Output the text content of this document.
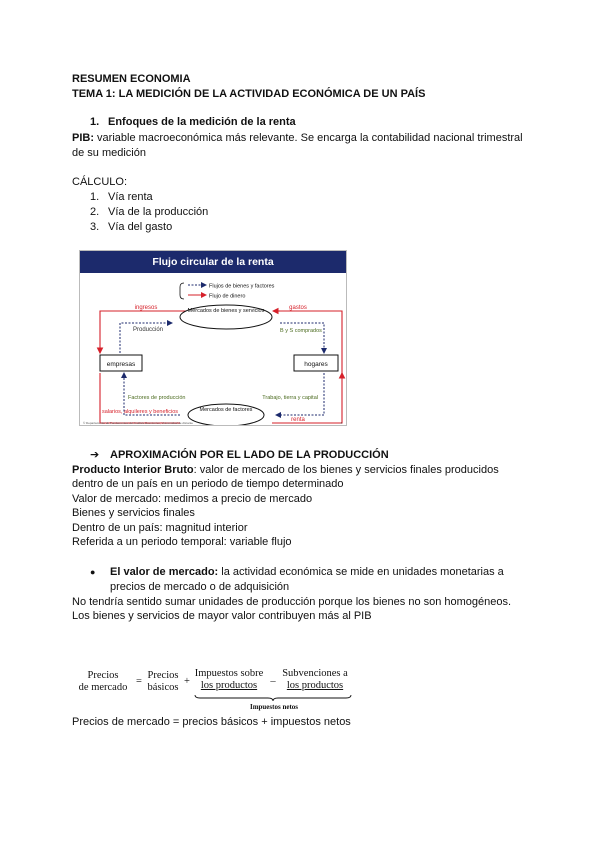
RESUMEN ECONOMIA
TEMA 1: LA MEDICIÓN DE LA ACTIVIDAD ECONÓMICA DE UN PAÍS
1. Enfoques de la medición de la renta
PIB: variable macroeconómica más relevante. Se encarga la contabilidad nacional trimestral
de su medición
CÁLCULO:
1. Vía renta
2. Vía de la producción
3. Vía del gasto
Flujo circular de la renta
Flujos de bienes y factores
Flujo de dinero
ingresos	gastos
Producción	B y S comprados
Mercados de bienes y servicios
empresas	hogares
Factores de producción	Trabajo, tierra y capital
salarios, alquileres y beneficios
renta
Mercados de factores
© Departamento de Fundamentos del Análisis Económico, Universidad de Alicante	4
➔ APROXIMACIÓN POR EL LADO DE LA PRODUCCIÓN
Producto Interior Bruto: valor de mercado de los bienes y servicios finales producidos
dentro de un país en un periodo de tiempo determinado
Valor de mercado: medimos a precio de mercado
Bienes y servicios finales
Dentro de un país: magnitud interior
Referida a un periodo temporal: variable flujo
● El valor de mercado: la actividad económica se mide en unidades monetarias a
precios de mercado o de adquisición
No tendría sentido sumar unidades de producción porque los bienes no son homogéneos.
Los bienes y servicios de mayor valor contribuyen más al PIB
Precios
de mercado
=
Precios
básicos
+
Impuestos sobre
los productos	–
Subvenciones a
los productos
Impuestos netos
Precios de mercado = precios básicos + impuestos netos
